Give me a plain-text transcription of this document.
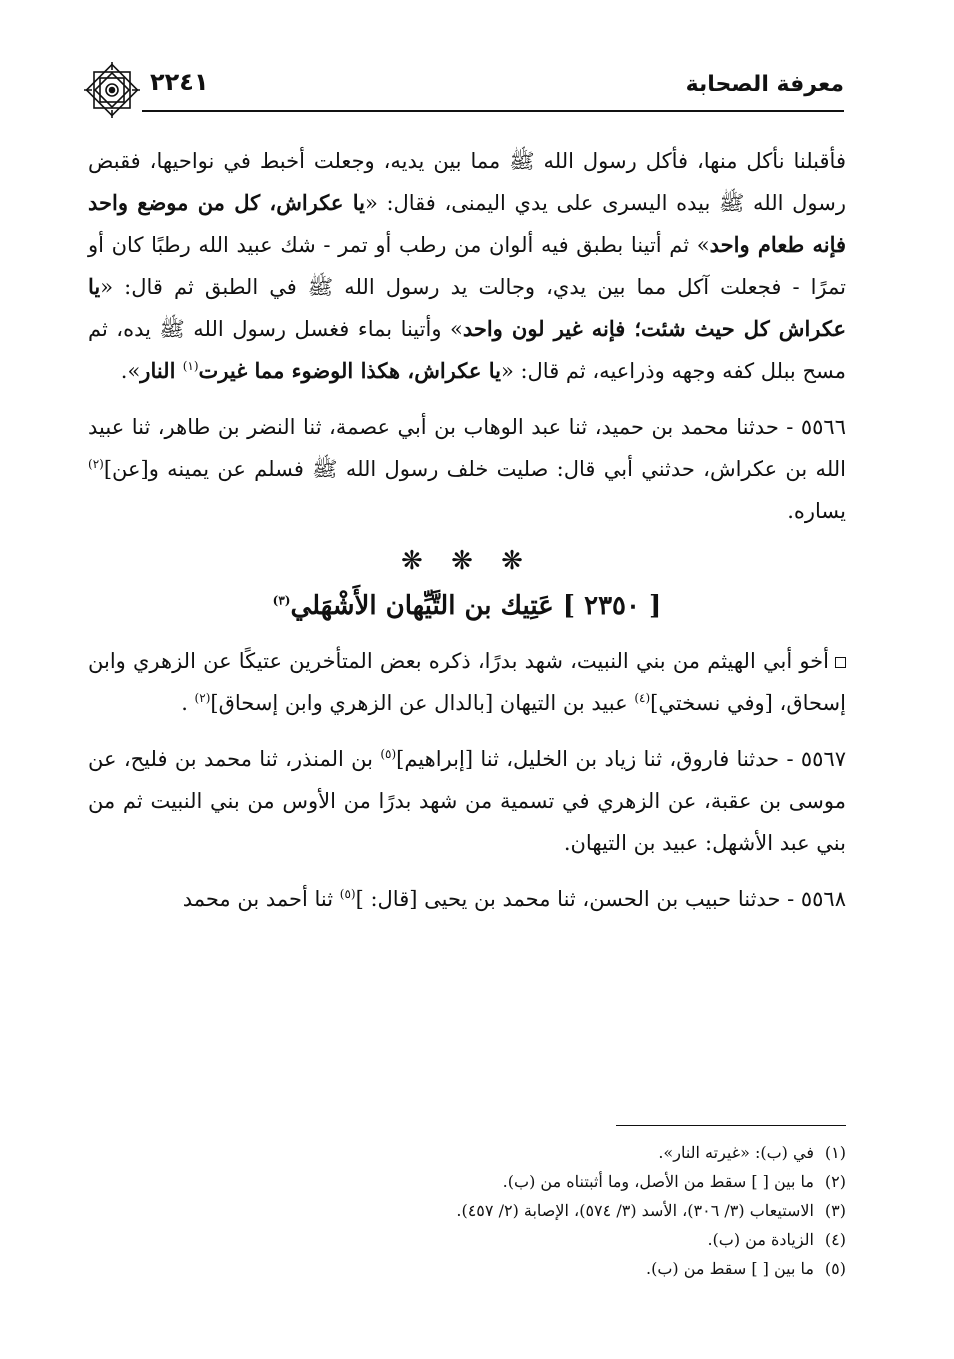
معرفة الصحابة
٢٢٤١

فأقبلنا نأكل منها، فأكل رسول الله ﷺ مما بين يديه، وجعلت أخبط في نواحيها، فقبض رسول الله ﷺ بيده اليسرى على يدي اليمنى، فقال: «يا عكراش، كل من موضع واحد فإنه طعام واحد» ثم أتينا بطبق فيه ألوان من رطب أو تمر - شك عبيد الله رطبًا كان أو تمرًا - فجعلت آكل مما بين يدي، وجالت يد رسول الله ﷺ في الطبق ثم قال: «يا عكراش كل حيث شئت؛ فإنه غير لون واحد» وأتينا بماء فغسل رسول الله ﷺ يده، ثم مسح ببلل كفه وجهه وذراعيه، ثم قال: «يا عكراش، هكذا الوضوء مما غيرت$^{(١)}$ النار».

٥٥٦٦ - حدثنا محمد بن حميد، ثنا عبد الوهاب بن أبي عصمة، ثنا النضر بن طاهر، ثنا عبيد الله بن عكراش، حدثني أبي قال: صليت خلف رسول الله ﷺ فسلم عن يمينه و[عن]$^{(٢)}$ يساره.

❋ ❋ ❋
[ ٢٣٥٠ ] عَتِيك بن التَّيِّهان الأَشْهَلي$^{(٣)}$

أخو أبي الهيثم من بني النبيت، شهد بدرًا، ذكره بعض المتأخرين عتيكًا عن الزهري وابن إسحاق، [وفي نسختي]$^{(٤)}$ عبيد بن التيهان [بالدال عن الزهري وابن إسحاق]$^{(٢)}$ .

٥٥٦٧ - حدثنا فاروق، ثنا زياد بن الخليل، ثنا [إبراهيم]$^{(٥)}$ بن المنذر، ثنا محمد بن فليح، عن موسى بن عقبة، عن الزهري في تسمية من شهد بدرًا من الأوس من بني النبيت ثم من بني عبد الأشهل: عبيد بن التيهان.

٥٥٦٨ - حدثنا حبيب بن الحسن، ثنا محمد بن يحيى [قال: ]$^{(٥)}$ ثنا أحمد بن محمد

(١)في (ب): «غيرته النار».
(٢)ما بين [ ] سقط من الأصل، وما أثبتناه من (ب).
(٣)الاستيعاب (٣/ ٣٠٦)، الأسد (٣/ ٥٧٤)، الإصابة (٢/ ٤٥٧).
(٤)الزيادة من (ب).
(٥)ما بين [ ] سقط من (ب).
